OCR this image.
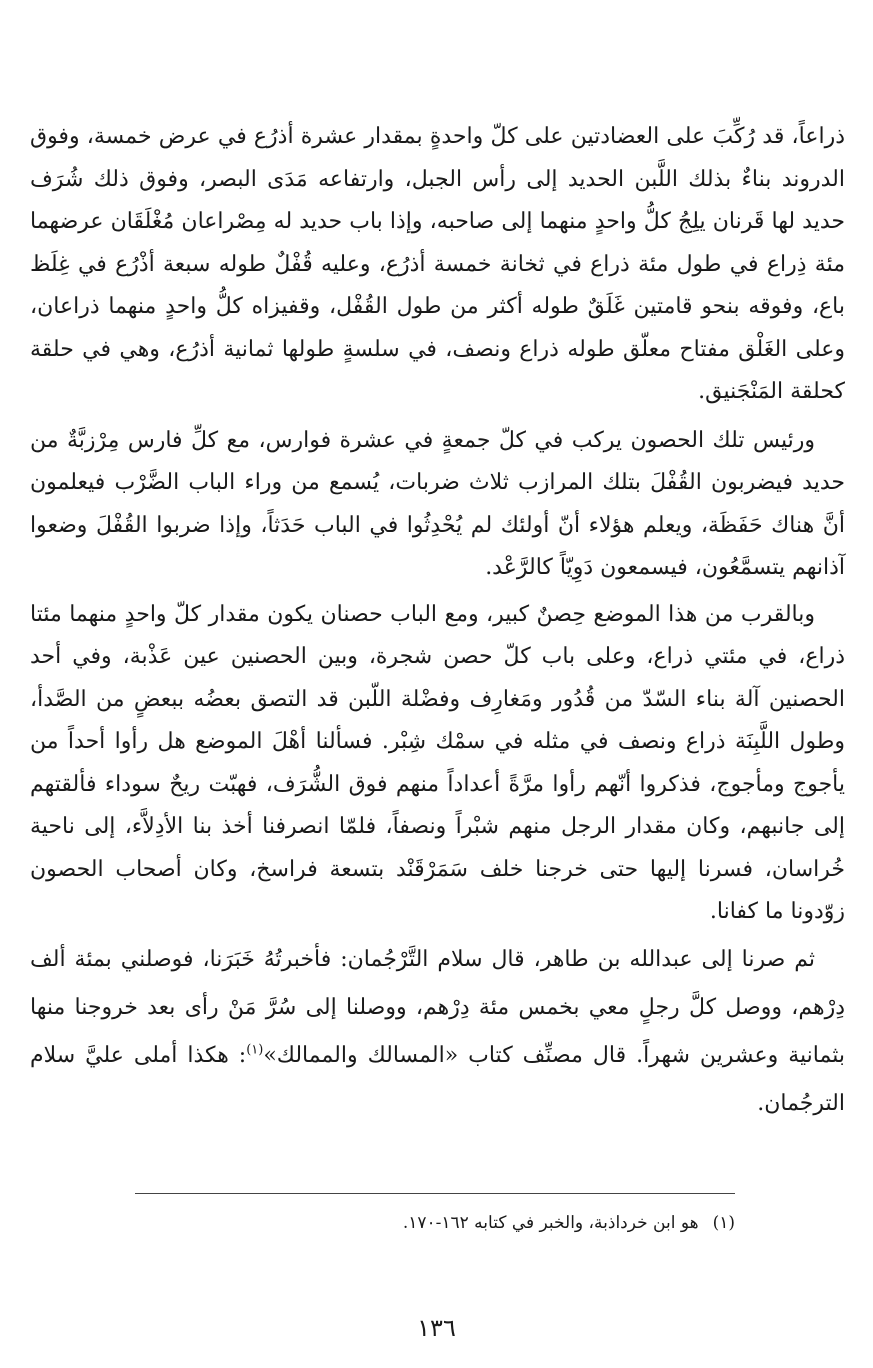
ذراعاً، قد رُكِّبَ على العضادتين على كلّ واحدةٍ بمقدار عشرة أذرُع في عرض خمسة، وفوق الدروند بناءٌ بذلك اللَّبن الحديد إلى رأس الجبل، وارتفاعه مَدَى البصر، وفوق ذلك شُرَف حديد لها قَرنان يلِجُ كلُّ واحدٍ منهما إلى صاحبه، وإذا باب حديد له مِصْراعان مُغْلَقَان عرضهما مئة ذِراع في طول مئة ذراع في ثخانة خمسة أذرُع، وعليه قُفْلٌ طوله سبعة أذْرُع في غِلَظ باع، وفوقه بنحو قامتين غَلَقٌ طوله أكثر من طول القُفْل، وقفيزاه كلُّ واحدٍ منهما ذراعان، وعلى الغَلْق مفتاح معلّق طوله ذراع ونصف، في سلسةٍ طولها ثمانية أذرُع، وهي في حلقة كحلقة المَنْجَنيق.

ورئيس تلك الحصون يركب في كلّ جمعةٍ في عشرة فوارس، مع كلِّ فارس مِرْزبَّةٌ من حديد فيضربون القُفْلَ بتلك المرازب ثلاث ضربات، يُسمع من وراء الباب الضَّرْب فيعلمون أنَّ هناك حَفَظَة، ويعلم هؤلاء أنّ أولئك لم يُحْدِثُوا في الباب حَدَثاً، وإذا ضربوا القُفْلَ وضعوا آذانهم يتسمَّعُون، فيسمعون دَوِيّاً كالرَّعْد.

وبالقرب من هذا الموضع حِصنٌ كبير، ومع الباب حصنان يكون مقدار كلّ واحدٍ منهما مئتا ذراع، في مئتي ذراع، وعلى باب كلّ حصن شجرة، وبين الحصنين عين عَذْبة، وفي أحد الحصنين آلة بناء السّدّ من قُدُور ومَغارِف وفضْلة اللّبن قد التصق بعضُه ببعضٍ من الصَّدأ، وطول اللَّبِنَة ذراع ونصف في مثله في سمْك شِبْر. فسألنا أهْلَ الموضع هل رأوا أحداً من يأجوج ومأجوج، فذكروا أنّهم رأوا مرَّةً أعداداً منهم فوق الشُّرَف، فهبّت ريحٌ سوداء فألقتهم إلى جانبهم، وكان مقدار الرجل منهم شبْراً ونصفاً، فلمّا انصرفنا أخذ بنا الأدِلاَّء، إلى ناحية خُراسان، فسرنا إليها حتى خرجنا خلف سَمَرْقَنْد بتسعة فراسخ، وكان أصحاب الحصون زوّدونا ما كفانا.

ثم صرنا إلى عبدالله بن طاهر، قال سلام التَّرْجُمان: فأخبرتُهُ خَبَرَنا، فوصلني بمئة ألف دِرْهم، ووصل كلَّ رجلٍ معي بخمس مئة دِرْهم، ووصلنا إلى سُرَّ مَنْ رأى بعد خروجنا منها بثمانية وعشرين شهراً. قال مصنِّف كتاب «المسالك والممالك»$^{(١)}$: هكذا أملى عليَّ سلام الترجُمان.

(١)هو ابن خرداذبة، والخبر في كتابه ١٦٢-١٧٠.
١٣٦
